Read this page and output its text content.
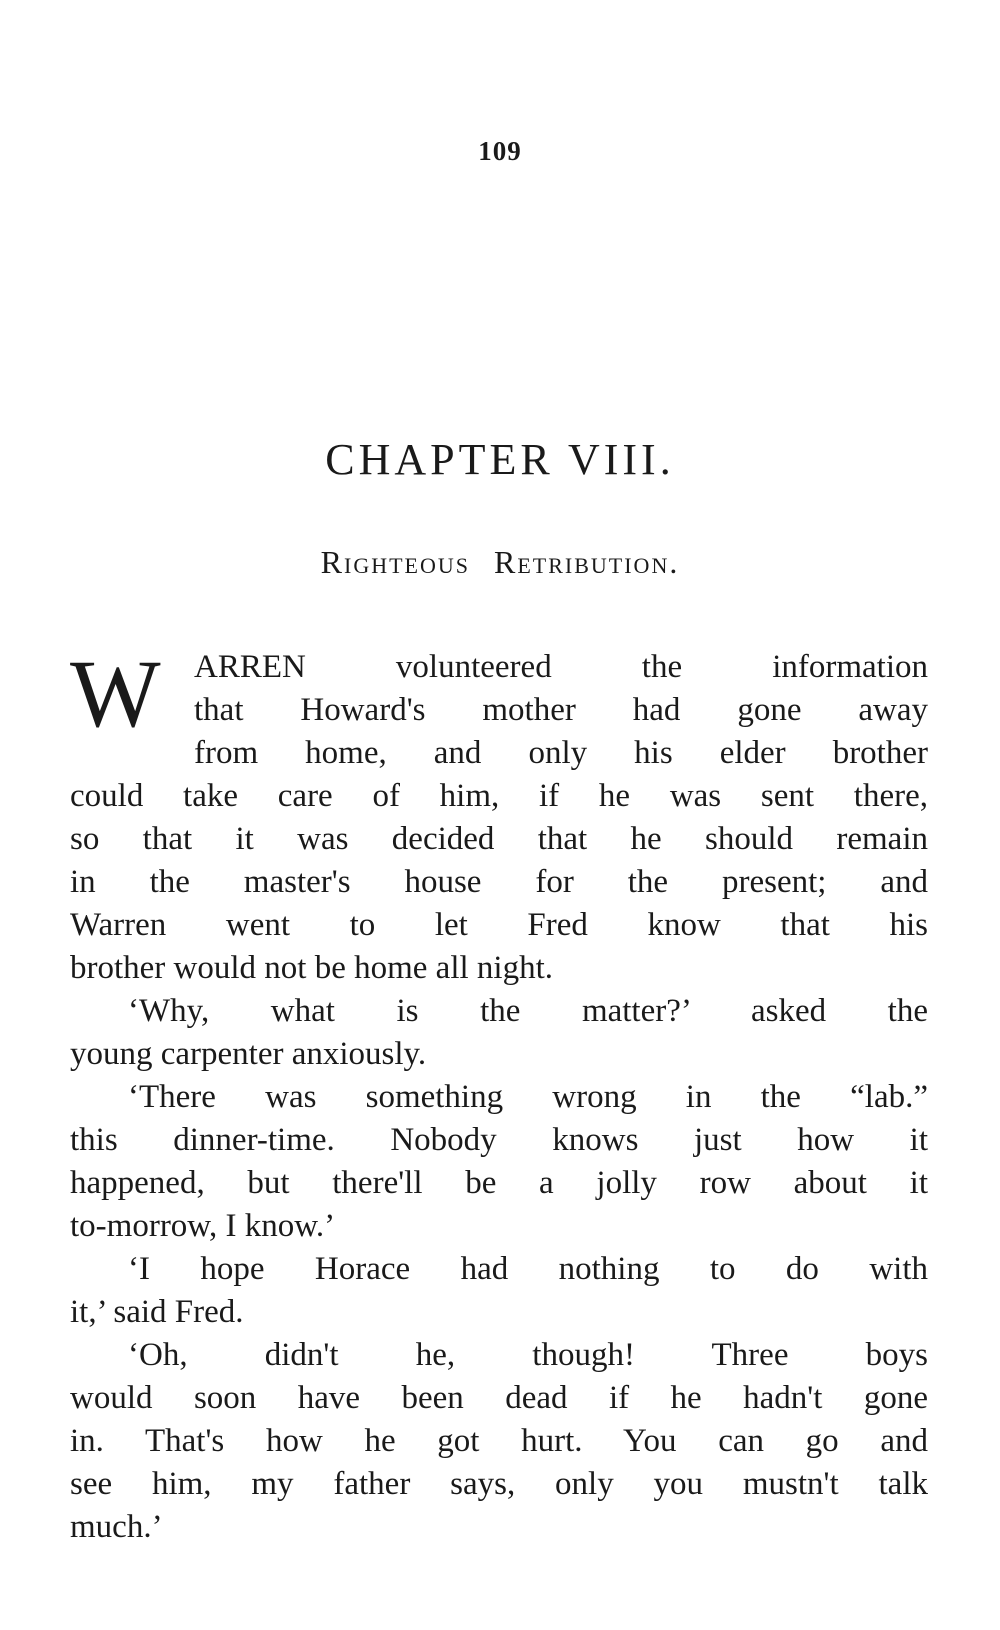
109
CHAPTER VIII.
Righteous Retribution.
W	ARREN volunteered the information
that Howard's mother had gone away
from home, and only his elder brother
could take care of him, if he was sent there,
so that it was decided that he should remain
in the master's house for the present; and
Warren went to let Fred know that his
brother would not be home all night.
‘Why, what is the matter?’ asked the
young carpenter anxiously.
‘There was something wrong in the “lab.”
this dinner-time. Nobody knows just how it
happened, but there'll be a jolly row about it
to-morrow, I know.’
‘I hope Horace had nothing to do with
it,’ said Fred.
‘Oh, didn't he, though! Three boys
would soon have been dead if he hadn't gone
in. That's how he got hurt. You can go and
see him, my father says, only you mustn't talk
much.’
